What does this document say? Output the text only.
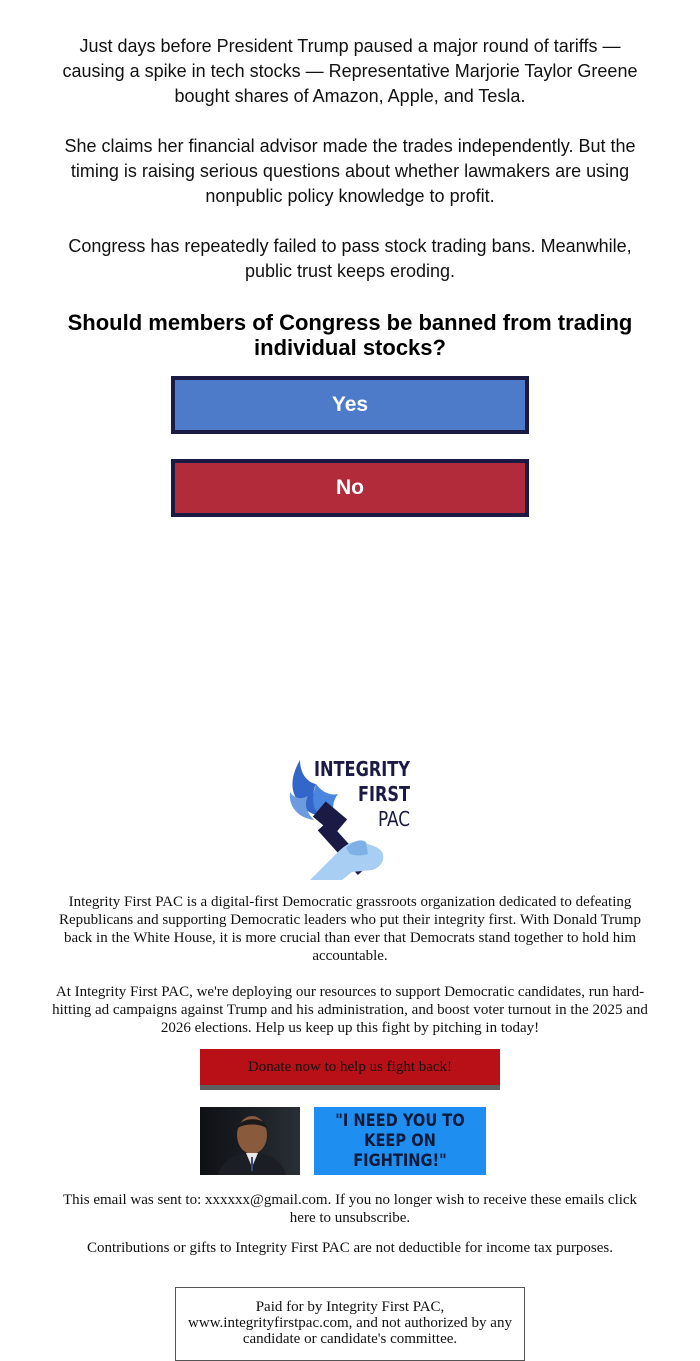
Just days before President Trump paused a major round of tariffs — causing a spike in tech stocks — Representative Marjorie Taylor Greene bought shares of Amazon, Apple, and Tesla.

She claims her financial advisor made the trades independently. But the timing is raising serious questions about whether lawmakers are using nonpublic policy knowledge to profit.

Congress has repeatedly failed to pass stock trading bans. Meanwhile, public trust keeps eroding.

Should members of Congress be banned from trading individual stocks?
Yes
No
INTEGRITY
FIRST
PAC

Integrity First PAC is a digital-first Democratic grassroots organization dedicated to defeating Republicans and supporting Democratic leaders who put their integrity first. With Donald Trump back in the White House, it is more crucial than ever that Democrats stand together to hold him accountable.

At Integrity First PAC, we're deploying our resources to support Democratic candidates, run hard-hitting ad campaigns against Trump and his administration, and boost voter turnout in the 2025 and 2026 elections. Help us keep up this fight by pitching in today!

Donate now to help us fight back!
"I NEED YOU TO KEEP ON FIGHTING!"
This email was sent to: xxxxxx@gmail.com. If you no longer wish to receive these emails click here to unsubscribe.
Contributions or gifts to Integrity First PAC are not deductible for income tax purposes.
Paid for by Integrity First PAC, www.integrityfirstpac.com, and not authorized by any candidate or candidate's committee.
